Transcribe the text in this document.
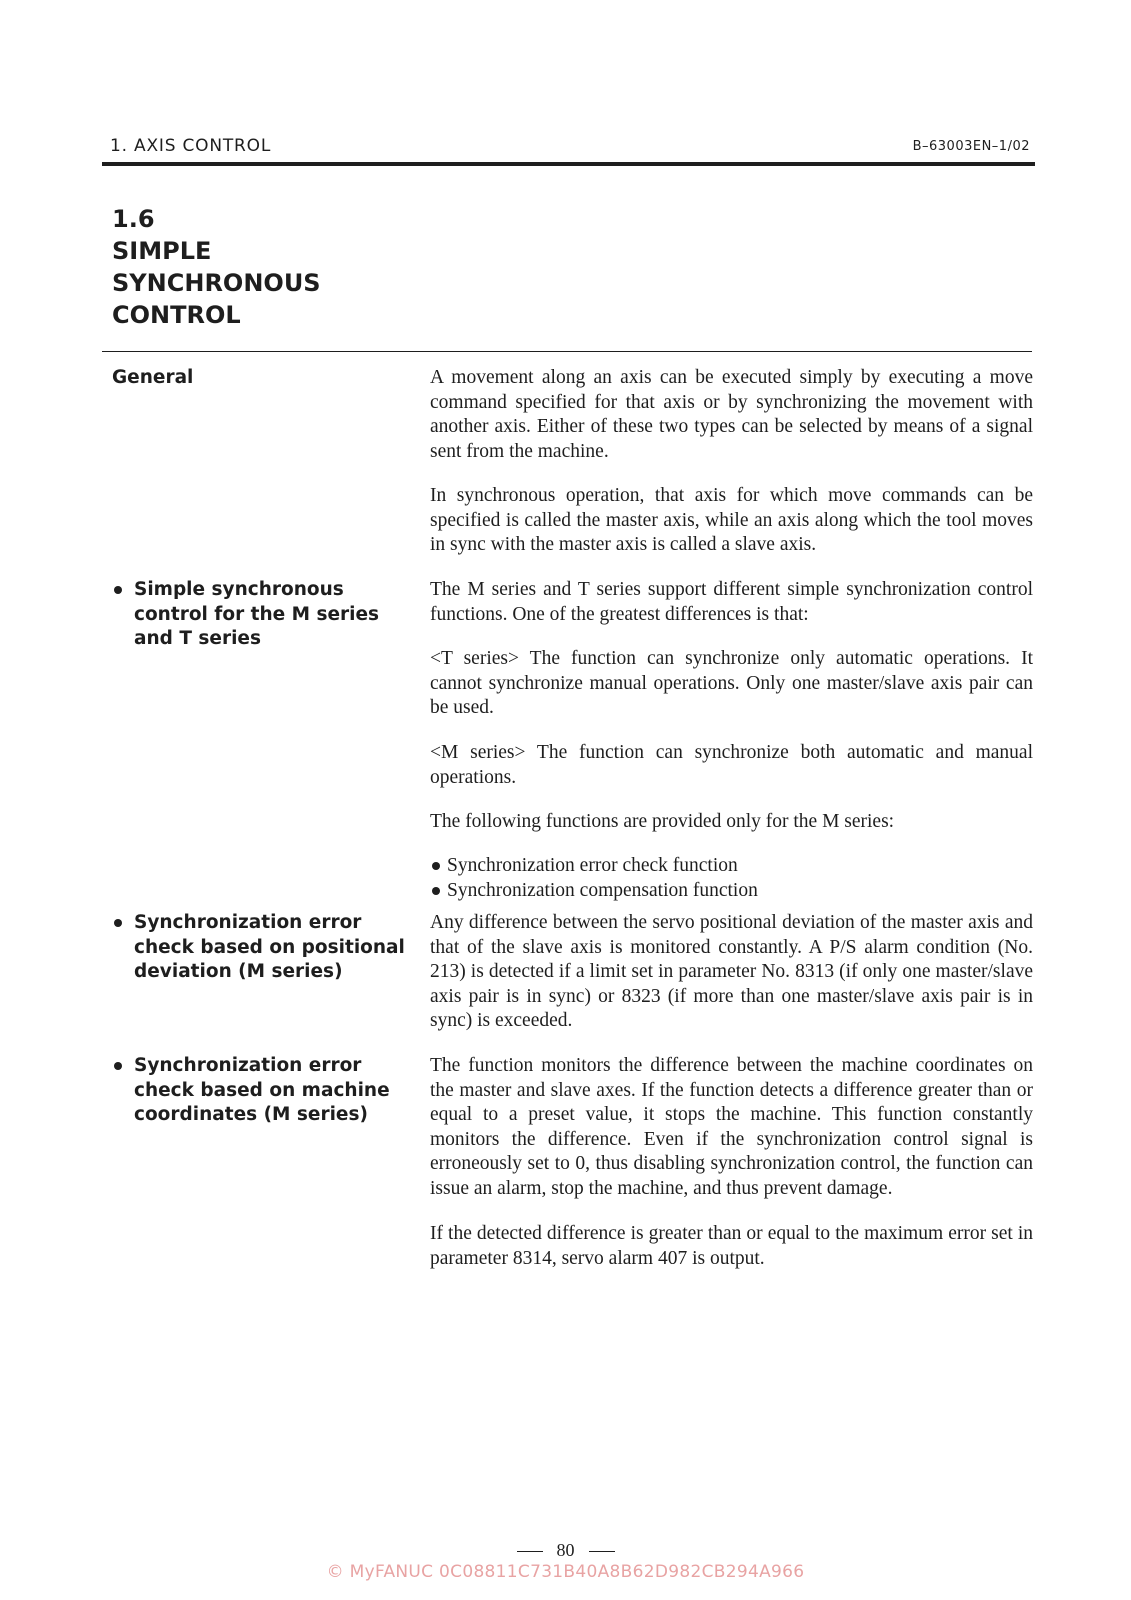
1. AXIS CONTROL	B–63003EN–1/02
1.6
SIMPLE
SYNCHRONOUS
CONTROL
General
Simple synchronous control for the M series and T series
Synchronization error check based on positional deviation (M series)
Synchronization error check based on machine coordinates (M series)

A movement along an axis can be executed simply by executing a move command specified for that axis or by synchronizing the movement with another axis. Either of these two types can be selected by means of a signal sent from the machine.

In synchronous operation, that axis for which move commands can be specified is called the master axis, while an axis along which the tool moves in sync with the master axis is called a slave axis.

The M series and T series support different simple synchronization control functions. One of the greatest differences is that:

<T series> The function can synchronize only automatic operations. It cannot synchronize manual operations. Only one master/slave axis pair can be used.

<M series> The function can synchronize both automatic and manual operations.

The following functions are provided only for the M series:

Synchronization error check function
Synchronization compensation function

Any difference between the servo positional deviation of the master axis and that of the slave axis is monitored constantly. A P/S alarm condition (No. 213) is detected if a limit set in parameter No. 8313 (if only one master/slave axis pair is in sync) or 8323 (if more than one master/slave axis pair is in sync) is exceeded.

The function monitors the difference between the machine coordinates on the master and slave axes. If the function detects a difference greater than or equal to a preset value, it stops the machine. This function constantly monitors the difference. Even if the synchronization control signal is erroneously set to 0, thus disabling synchronization control, the function can issue an alarm, stop the machine, and thus prevent damage.

If the detected difference is greater than or equal to the maximum error set in parameter 8314, servo alarm 407 is output.

80
© MyFANUC 0C08811C731B40A8B62D982CB294A966
